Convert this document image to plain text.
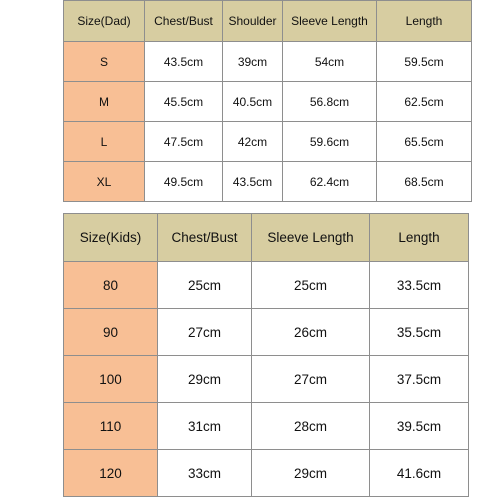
Size(Dad)	Chest/Bust	Shoulder	Sleeve Length	Length
S	43.5cm	39cm	54cm	59.5cm
M	45.5cm	40.5cm	56.8cm	62.5cm
L	47.5cm	42cm	59.6cm	65.5cm
XL	49.5cm	43.5cm	62.4cm	68.5cm
Size(Kids)	Chest/Bust	Sleeve Length	Length
80	25cm	25cm	33.5cm
90	27cm	26cm	35.5cm
100	29cm	27cm	37.5cm
110	31cm	28cm	39.5cm
120	33cm	29cm	41.6cm
